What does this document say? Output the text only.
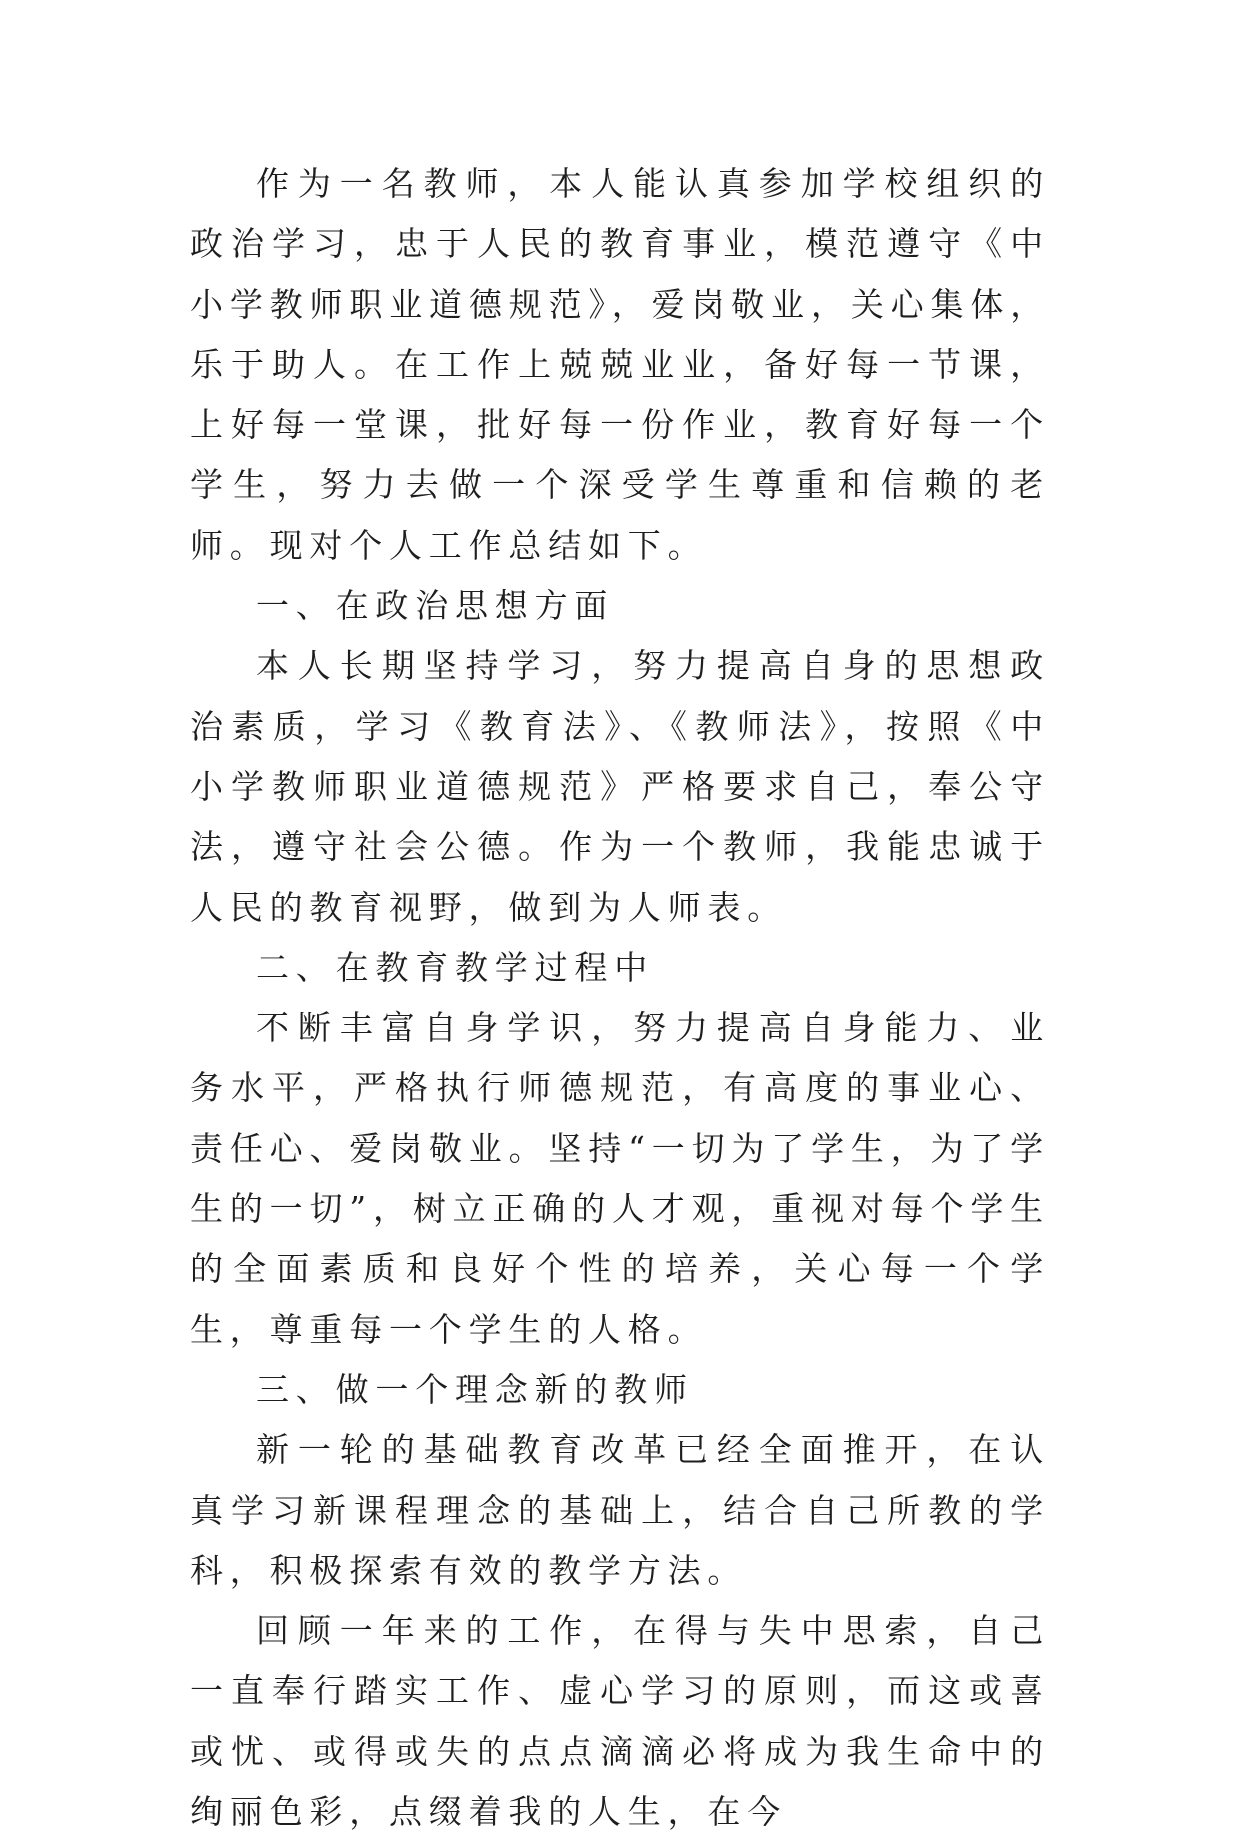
作为一名教师，本人能认真参加学校组织的政治学习，忠于人民的教育事业，模范遵守《中小学教师职业道德规范》，爱岗敬业，关心集体，乐于助人。在工作上兢兢业业，备好每一节课，上好每一堂课，批好每一份作业，教育好每一个学生，努力去做一个深受学生尊重和信赖的老师。现对个人工作总结如下。

一、在政治思想方面

本人长期坚持学习，努力提高自身的思想政治素质，学习《教育法》、《教师法》，按照《中小学教师职业道德规范》严格要求自己，奉公守法，遵守社会公德。作为一个教师，我能忠诚于人民的教育视野，做到为人师表。

二、在教育教学过程中

不断丰富自身学识，努力提高自身能力、业务水平，严格执行师德规范，有高度的事业心、责任心、爱岗敬业。坚持“一切为了学生，为了学生的一切”，树立正确的人才观，重视对每个学生的全面素质和良好个性的培养，关心每一个学生，尊重每一个学生的人格。

三、做一个理念新的教师

新一轮的基础教育改革已经全面推开，在认真学习新课程理念的基础上，结合自己所教的学科，积极探索有效的教学方法。

回顾一年来的工作，在得与失中思索，自己一直奉行踏实工作、虚心学习的原则，而这或喜或忧、或得或失的点点滴滴必将成为我生命中的绚丽色彩，点缀着我的人生，在今
